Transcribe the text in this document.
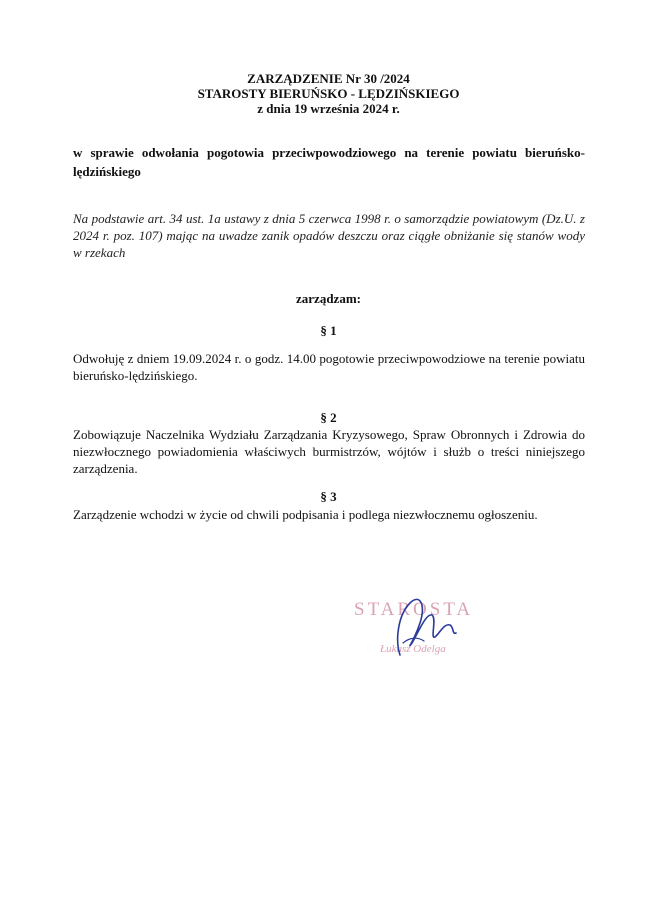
ZARZĄDZENIE Nr 30 /2024
STAROSTY BIERUŃSKO - LĘDZIŃSKIEGO
z dnia 19 września 2024 r.
w sprawie odwołania pogotowia przeciwpowodziowego na terenie powiatu bieruńsko-lędzińskiego
Na podstawie art. 34 ust. 1a ustawy z dnia 5 czerwca 1998 r. o samorządzie powiatowym (Dz.U. z 2024 r. poz. 107) mając na uwadze zanik opadów deszczu oraz ciągłe obniżanie się stanów wody w rzekach
zarządzam:
§ 1
Odwołuję z dniem 19.09.2024 r. o godz. 14.00 pogotowie przeciwpowodziowe na terenie powiatu bieruńsko-lędzińskiego.
§ 2
Zobowiązuje Naczelnika Wydziału Zarządzania Kryzysowego, Spraw Obronnych i Zdrowia do niezwłocznego powiadomienia właściwych burmistrzów, wójtów i służb o treści niniejszego zarządzenia.
§ 3
Zarządzenie wchodzi w życie od chwili podpisania i podlega niezwłocznemu ogłoszeniu.
STAROSTA
Łukasz Odelga
